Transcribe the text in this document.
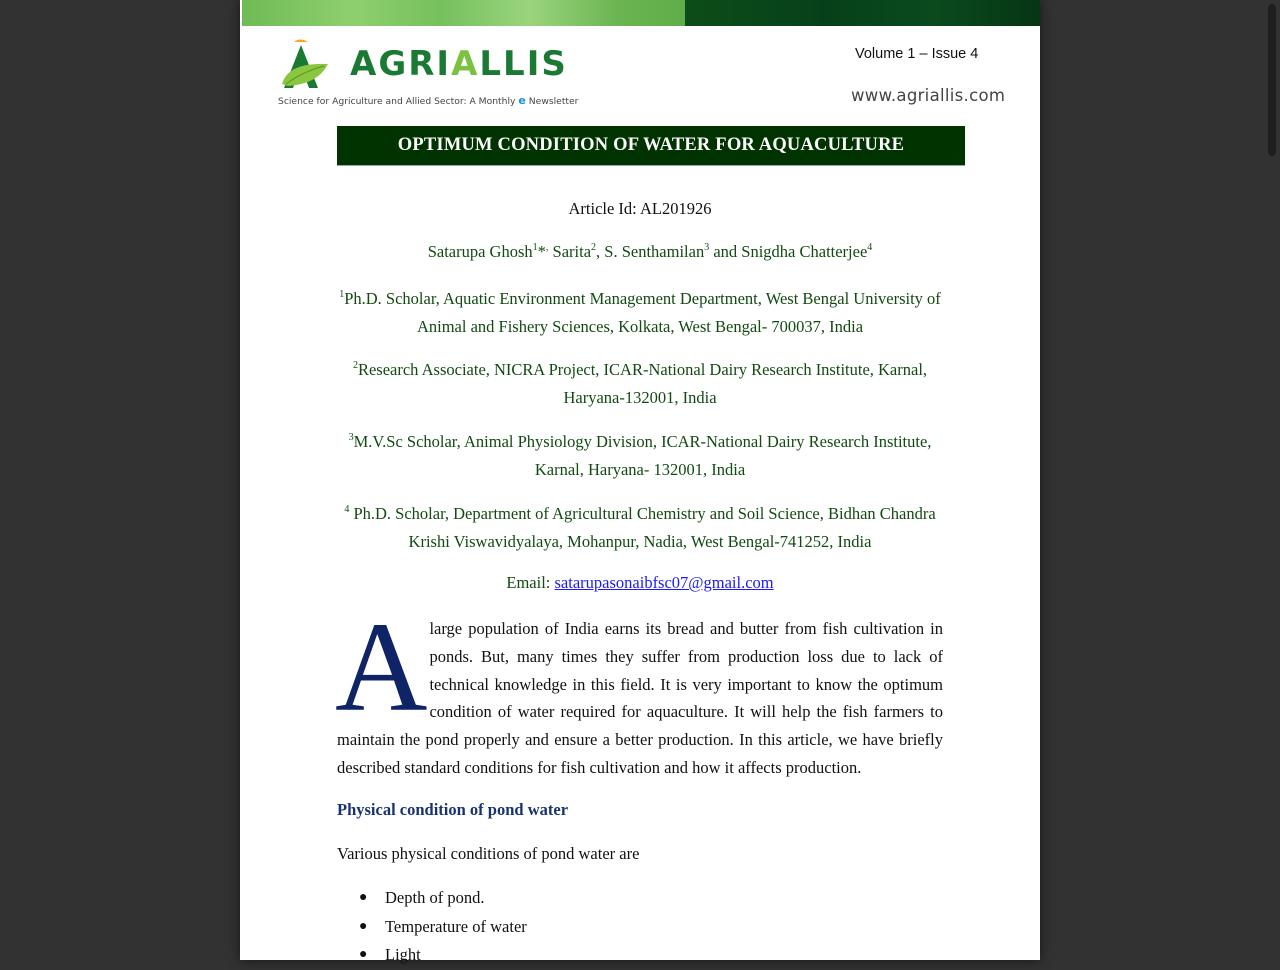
AGRIALLIS
Science for Agriculture and Allied Sector: A Monthly e Newsletter
Volume 1 – Issue 4
www.agriallis.com
OPTIMUM CONDITION OF WATER FOR AQUACULTURE
Article Id: AL201926
Satarupa Ghosh$^1$*, Sarita$^2$, S. Senthamilan$^3$ and Snigdha Chatterjee$^4$
$^1$Ph.D. Scholar, Aquatic Environment Management Department, West Bengal University of
Animal and Fishery Sciences, Kolkata, West Bengal- 700037, India
$^2$Research Associate, NICRA Project, ICAR-National Dairy Research Institute, Karnal,
Haryana-132001, India
$^3$M.V.Sc Scholar, Animal Physiology Division, ICAR-National Dairy Research Institute,
Karnal, Haryana- 132001, India
$^4$ Ph.D. Scholar, Department of Agricultural Chemistry and Soil Science, Bidhan Chandra
Krishi Viswavidyalaya, Mohanpur, Nadia, West Bengal-741252, India
Email: satarupasonaibfsc07@gmail.com
A large population of India earns its bread and butter from fish cultivation in ponds. But, many times they suffer from production loss due to lack of technical knowledge in this field. It is very important to know the optimum condition of water required for aquaculture. It will help the fish farmers to maintain the pond properly and ensure a better production. In this article, we have briefly described standard conditions for fish cultivation and how it affects production.
Physical condition of pond water
Various physical conditions of pond water are
●	Depth of pond.
●	Temperature of water
●	Light
